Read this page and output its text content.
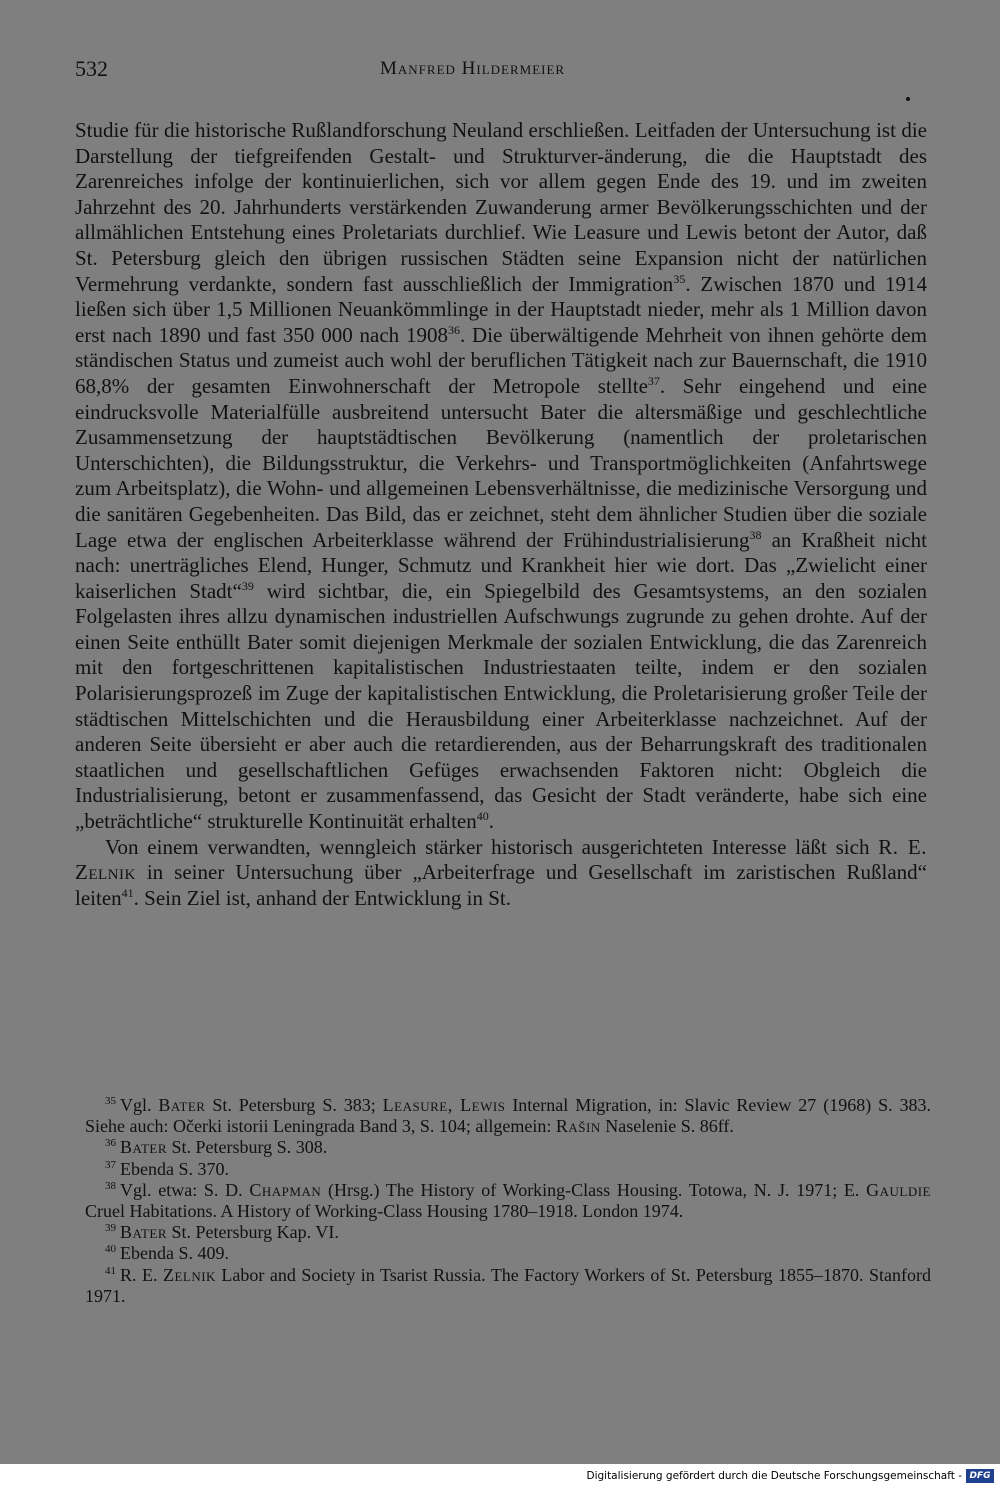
532	Manfred Hildermeier

Studie für die historische Rußlandforschung Neuland erschließen. Leitfaden der Untersuchung ist die Darstellung der tiefgreifenden Gestalt- und Strukturver-änderung, die die Hauptstadt des Zarenreiches infolge der kontinuierlichen, sich vor allem gegen Ende des 19. und im zweiten Jahrzehnt des 20. Jahrhunderts verstärkenden Zuwanderung armer Bevölkerungsschichten und der allmählichen Entstehung eines Proletariats durchlief. Wie Leasure und Lewis betont der Autor, daß St. Petersburg gleich den übrigen russischen Städten seine Expansion nicht der natürlichen Vermehrung verdankte, sondern fast ausschließlich der Immigration$^{35}$. Zwischen 1870 und 1914 ließen sich über 1,5 Millionen Neuankömmlinge in der Hauptstadt nieder, mehr als 1 Million davon erst nach 1890 und fast 350 000 nach 1908$^{36}$. Die überwältigende Mehrheit von ihnen gehörte dem ständischen Status und zumeist auch wohl der beruflichen Tätigkeit nach zur Bauernschaft, die 1910 68,8% der gesamten Einwohnerschaft der Metropole stellte$^{37}$. Sehr eingehend und eine eindrucksvolle Materialfülle ausbreitend untersucht Bater die altersmäßige und geschlechtliche Zusammensetzung der hauptstädtischen Bevölkerung (namentlich der proletarischen Unterschichten), die Bildungsstruktur, die Verkehrs- und Transportmöglichkeiten (Anfahrtswege zum Arbeitsplatz), die Wohn- und allgemeinen Lebensverhältnisse, die medizinische Versorgung und die sanitären Gegebenheiten. Das Bild, das er zeichnet, steht dem ähnlicher Studien über die soziale Lage etwa der englischen Arbeiterklasse während der Frühindustrialisierung$^{38}$ an Kraßheit nicht nach: unerträgliches Elend, Hunger, Schmutz und Krankheit hier wie dort. Das „Zwielicht einer kaiserlichen Stadt“$^{39}$ wird sichtbar, die, ein Spiegelbild des Gesamtsystems, an den sozialen Folgelasten ihres allzu dynamischen industriellen Aufschwungs zugrunde zu gehen drohte. Auf der einen Seite enthüllt Bater somit diejenigen Merkmale der sozialen Entwicklung, die das Zarenreich mit den fortgeschrittenen kapitalistischen Industriestaaten teilte, indem er den sozialen Polarisierungsprozeß im Zuge der kapitalistischen Entwicklung, die Proletarisierung großer Teile der städtischen Mittelschichten und die Herausbildung einer Arbeiterklasse nachzeichnet. Auf der anderen Seite übersieht er aber auch die retardierenden, aus der Beharrungskraft des traditionalen staatlichen und gesellschaftlichen Gefüges erwachsenden Faktoren nicht: Obgleich die Industrialisierung, betont er zusammenfassend, das Gesicht der Stadt veränderte, habe sich eine „beträchtliche“ strukturelle Kontinuität erhalten$^{40}$.

Von einem verwandten, wenngleich stärker historisch ausgerichteten Interesse läßt sich R. E. Zelnik in seiner Untersuchung über „Arbeiterfrage und Gesellschaft im zaristischen Rußland“ leiten$^{41}$. Sein Ziel ist, anhand der Entwicklung in St.

$^{35}$ Vgl. Bater St. Petersburg S. 383; Leasure, Lewis Internal Migration, in: Slavic Review 27 (1968) S. 383. Siehe auch: Očerki istorii Leningrada Band 3, S. 104; allgemein: Rašin Naselenie S. 86ff.

$^{36}$ Bater St. Petersburg S. 308.

$^{37}$ Ebenda S. 370.

$^{38}$ Vgl. etwa: S. D. Chapman (Hrsg.) The History of Working-Class Housing. Totowa, N. J. 1971; E. Gauldie Cruel Habitations. A History of Working-Class Housing 1780–1918. London 1974.

$^{39}$ Bater St. Petersburg Kap. VI.

$^{40}$ Ebenda S. 409.

$^{41}$ R. E. Zelnik Labor and Society in Tsarist Russia. The Factory Workers of St. Petersburg 1855–1870. Stanford 1971.

Digitalisierung gefördert durch die Deutsche Forschungsgemeinschaft - DFG
